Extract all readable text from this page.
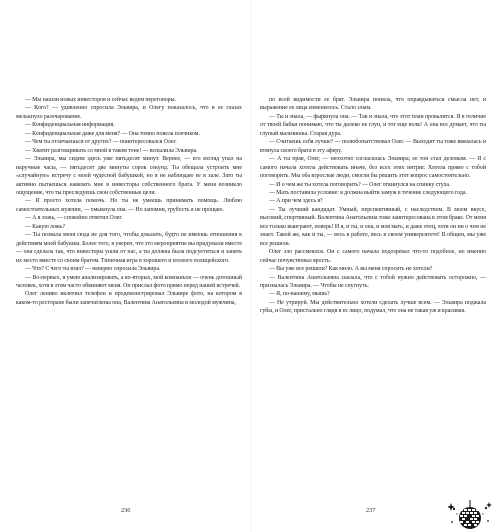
— Мы нашли новых инвесторов и сейчас ведем переговоры.

— Кого? — удивленно спросила Эльвира, и Олегу показалось, что в ее глазах мелькнуло разочарование.

— Конфиденциальная информация.

— Конфиденциальная даже для меня? — Она томно повела плечиком.

— Чем ты отличаешься от других? — поинтересовался Олег.

— Хватит разговаривать со мной в таком тоне! — вспылила Эльвира.

— Эльвира, мы сидим здесь уже пятьдесят минут. Вернее, — его взгляд упал на наручные часы, — пятьдесят две минуты сорок секунд. Ты обещала устроить мне «случайную» встречу с моей чудесной бабушкой, но я не наблюдаю ее в зале. Зато ты активно пытаешься навязать мне в инвесторы собственного брата. У меня возникло ощущение, что ты преследуешь свои собственные цели.

— Я просто хотела помочь. Но ты не умеешь принимать помощь. Люблю самостоятельных мужчин, — хмыкнула она. — Но запомни, грубость я не прощаю.

— А я ложь, — спокойно ответил Олег.

— Какую ложь?

— Ты позвала меня сюда не для того, чтобы доказать, будто не имеешь отношения к действиям моей бабушки. Более того, я уверен, что это мероприятие вы придумали вместе — она сделала так, что инвесторы ушли от нас, а ты должна была подсуетиться и занять их место вместе со своим братом. Типичная игра в хорошего и плохого полицейского.

— Что? С чего ты взял? — неверно спросила Эльвира.

— Во-первых, я умею анализировать, а во-вторых, мой компаньон — очень дотошный человек, хотя в этом часто обвиняют меня. Он прислал фото прямо перед нашей встречей.

Олег лениво включил телефон и продемонстрировал Эльвире фото, на котором в каком-то ресторане были запечатлены она, Валентина Анатольевна и молодой мужчина,

236

по всей видимости ее брат. Эльвира поняла, что оправдываться смысла нет, и выражение ее лица изменилось. Стало злым.

— Ты и знала, — фыркнула она. — Так и знала, что этот план провалится. Я в отличие от твоей бабки понимаю, что ты далеко не глуп, и тот еще волк! А она все думает, что ты глупый мальчишка. Старая дура.

— Считаешь себя лучше? — полюбопытствовал Олег. — Выходит ты тоже ввязалась и втянула своего брата в эту аферу.

— А ты прав, Олег, — неохотно согласилась Эльвира; ее тон стал деловым. — Я с самого начала хотела действовать иначе, без всех этих интриг. Хотела прямо с тобой поговорить. Мы оба взрослые люди, смогли бы решить этот вопрос самостоятельно.

— И о чем же ты хотела поговорить? — Олег откинулся на спинку стула.

— Мать поставила условие: я должна выйти замуж в течение следующего года.

— А при чем здесь я?

— Ты лучший кандидат. Умный, перспективный, с наследством. В моем вкусе, высокий, спортивный. Валентина Анатольевна тоже заинтересована в этом браке. От меня все только выиграют, поверь! И я, и ты, и она, и моя мать, и даже отец, хотя он ни о чем не знает. Такой же, как и ты, — весь в работе, весь в своем университете! В общем, мы уже все решили.

Олег зло рассмеялся. Он с самого начала подозревал что-то подобное, но именно сейчас почувствовал ярость.

— Вы уже все решили? Как мило. А вы меня спросить не хотели?

— Валентина Анатольевна сказала, что с тобой нужно действовать осторожно, — призналась Эльвира. — Чтобы не спугнуть.

— Я, по-вашему, мышь?

— Не утрируй. Мы действительно хотели сделать лучше всем. — Эльвира поджала губы, и Олег, пристально глядя в ее лицо, подумал, что она не такая уж и красивая.

237
